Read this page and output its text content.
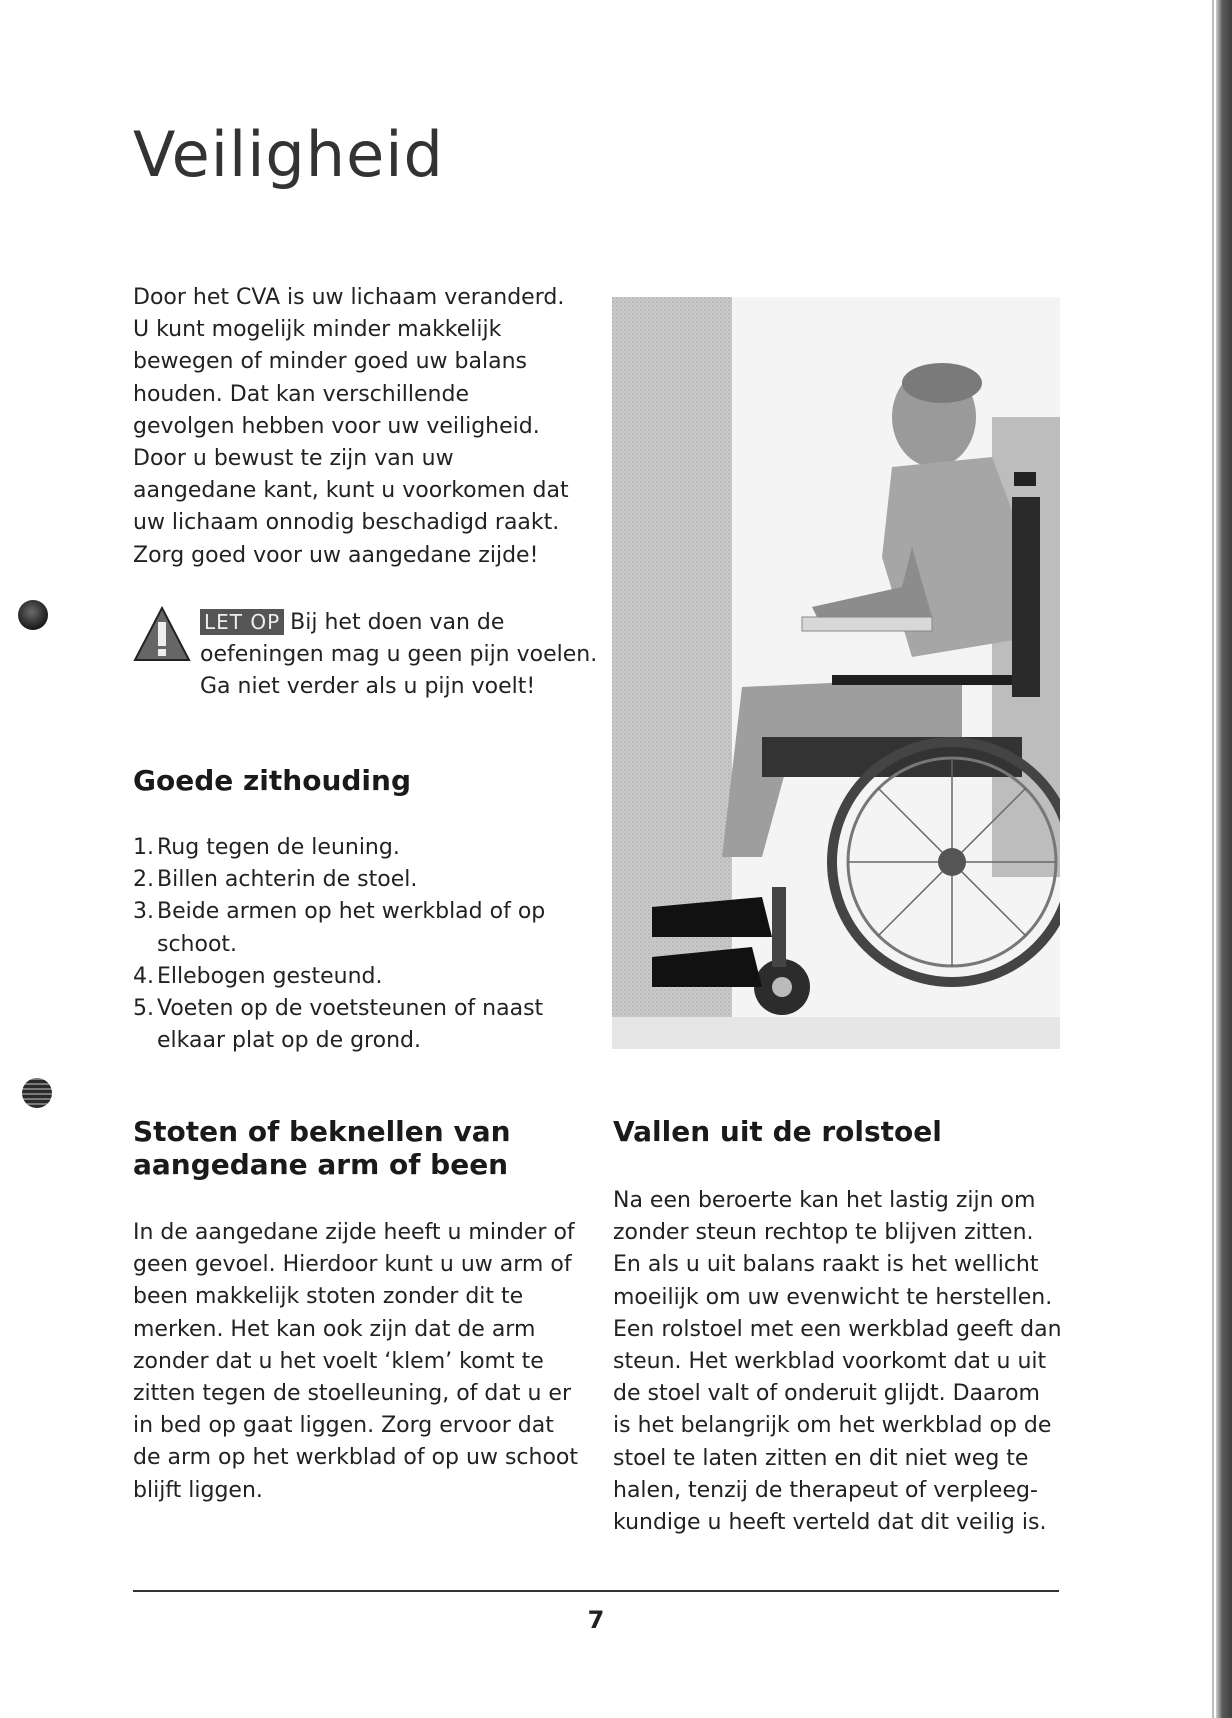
Veiligheid

Door het CVA is uw lichaam veranderd. U kunt mogelijk minder makkelijk bewegen of minder goed uw balans houden. Dat kan verschillende gevolgen hebben voor uw veiligheid. Door u bewust te zijn van uw aangedane kant, kunt u voorkomen dat uw lichaam onnodig beschadigd raakt. Zorg goed voor uw aangedane zijde!

LET OP Bij het doen van de oefeningen mag u geen pijn voelen. Ga niet verder als u pijn voelt!
Goede zithouding
1. Rug tegen de leuning.
2. Billen achterin de stoel.
3. Beide armen op het werkblad of op schoot.
4. Ellebogen gesteund.
5. Voeten op de voetsteunen of naast elkaar plat op de grond.
Stoten of beknellen van aangedane arm of been

In de aangedane zijde heeft u minder of geen gevoel. Hierdoor kunt u uw arm of been makkelijk stoten zonder dit te merken. Het kan ook zijn dat de arm zonder dat u het voelt ‘klem’ komt te zitten tegen de stoelleuning, of dat u er in bed op gaat liggen. Zorg ervoor dat de arm op het werkblad of op uw schoot blijft liggen.

Vallen uit de rolstoel

Na een beroerte kan het lastig zijn om zonder steun rechtop te blijven zitten. En als u uit balans raakt is het wellicht moeilijk om uw evenwicht te herstellen. Een rolstoel met een werkblad geeft dan steun. Het werkblad voorkomt dat u uit de stoel valt of onderuit glijdt. Daarom is het belangrijk om het werkblad op de stoel te laten zitten en dit niet weg te halen, tenzij de therapeut of verpleeg-kundige u heeft verteld dat dit veilig is.

7
